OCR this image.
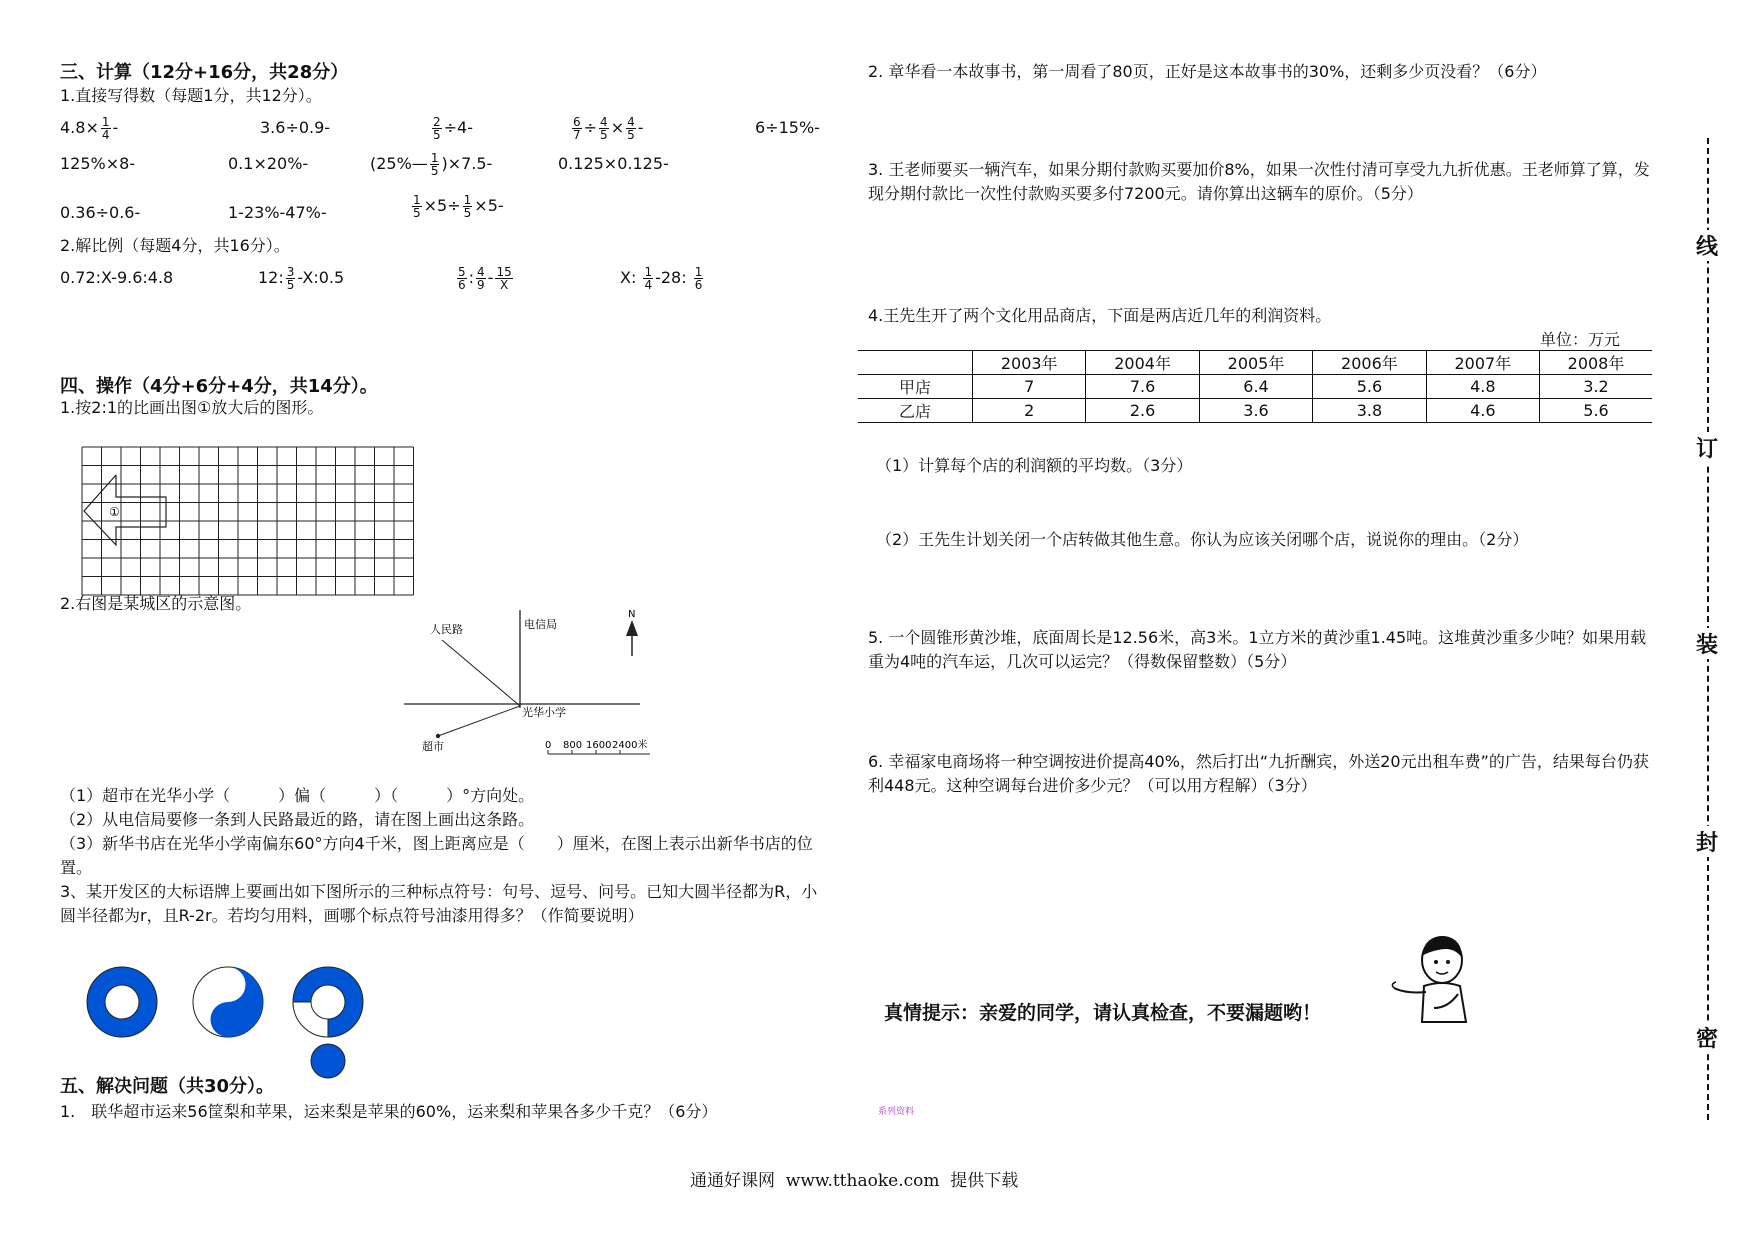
三、计算（12分+16分，共28分）
1.直接写得数（每题1分，共12分）。
$4.8\times \frac{1}{4}$ -	3.6÷0.9-	$\frac{2}{5} \div 4-$	$\frac{6}{7} \div \frac{4}{5} \times \frac{4}{5}$ -	6÷15%-
125%×8-	0.1×20%-	(25%— $\frac{1}{5} )\times 7.5-$	0.125×0.125-
0.36÷0.6-	1-23%-47%-	$\frac{1}{5} \times 5\div \frac{1}{5} \times 5-$
2.解比例（每题4分，共16分）。
0.72:X-9.6:4.8	12: $\frac{3}{5}$ -X:0.5	$\frac{5}{6}$ : $\frac{4}{9} - \frac{15}{X}$	X: $\frac{1}{4} -28$: $\frac{1}{6}$
四、操作（4分+6分+4分，共14分）。
1.按2:1的比画出图①放大后的图形。
①
2.右图是某城区的示意图。
人民路	电信局
光华小学
超市
N
0 800 1600 2400米
（1）超市在光华小学（　　　）偏（　　　）（　　　）°方向处。
（2）从电信局要修一条到人民路最近的路，请在图上画出这条路。
（3）新华书店在光华小学南偏东60°方向4千米，图上距离应是（　　）厘米，在图上表示出新华书店的位置。
3、某开发区的大标语牌上要画出如下图所示的三种标点符号：句号、逗号、问号。已知大圆半径都为R，小圆半径都为r，且R-2r。若均匀用料，画哪个标点符号油漆用得多？（作简要说明）
五、解决问题（共30分）。
1.　联华超市运来56筐梨和苹果，运来梨是苹果的60%，运来梨和苹果各多少千克？（6分）
2. 章华看一本故事书，第一周看了80页，正好是这本故事书的30%，还剩多少页没看？（6分）
3. 王老师要买一辆汽车，如果分期付款购买要加价8%，如果一次性付清可享受九九折优惠。王老师算了算，发现分期付款比一次性付款购买要多付7200元。请你算出这辆车的原价。（5分）
4.王先生开了两个文化用品商店，下面是两店近几年的利润资料。
单位：万元
	2003年	2004年	2005年	2006年	2007年	2008年
甲店	7	7.6	6.4	5.6	4.8	3.2
乙店	2	2.6	3.6	3.8	4.6	5.6
（1）计算每个店的利润额的平均数。（3分）
（2）王先生计划关闭一个店转做其他生意。你认为应该关闭哪个店，说说你的理由。（2分）
5. 一个圆锥形黄沙堆，底面周长是12.56米，高3米。1立方米的黄沙重1.45吨。这堆黄沙重多少吨？如果用载重为4吨的汽车运，几次可以运完？（得数保留整数）（5分）
6. 幸福家电商场将一种空调按进价提高40%，然后打出“九折酬宾，外送20元出租车费”的广告，结果每台仍获利448元。这种空调每台进价多少元？（可以用方程解）（3分）
真情提示：亲爱的同学，请认真检查，不要漏题哟！
系列资料
线
订
装
封
密
通通好课网  www.tthaoke.com  提供下载
